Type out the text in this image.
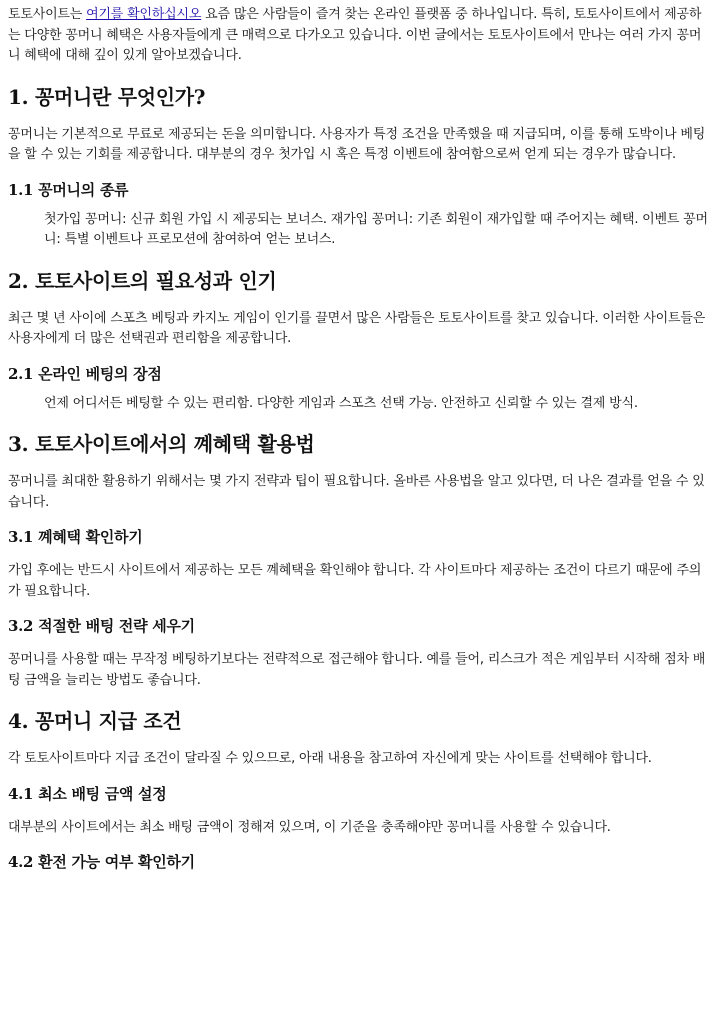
토토사이트는 여기를 확인하십시오 요즘 많은 사람들이 즐겨 찾는 온라인 플랫폼 중 하나입니다. 특히, 토토사이트에서 제공하는 다양한 꽁머니 혜택은 사용자들에게 큰 매력으로 다가오고 있습니다. 이번 글에서는 토토사이트에서 만나는 여러 가지 꽁머니 혜택에 대해 깊이 있게 알아보겠습니다.

1. 꽁머니란 무엇인가?

꽁머니는 기본적으로 무료로 제공되는 돈을 의미합니다. 사용자가 특정 조건을 만족했을 때 지급되며, 이를 통해 도박이나 베팅을 할 수 있는 기회를 제공합니다. 대부분의 경우 첫가입 시 혹은 특정 이벤트에 참여함으로써 얻게 되는 경우가 많습니다.

1.1 꽁머니의 종류

첫가입 꽁머니: 신규 회원 가입 시 제공되는 보너스. 재가입 꽁머니: 기존 회원이 재가입할 때 주어지는 혜택. 이벤트 꽁머니: 특별 이벤트나 프로모션에 참여하여 얻는 보너스.

2. 토토사이트의 필요성과 인기

최근 몇 년 사이에 스포츠 베팅과 카지노 게임이 인기를 끌면서 많은 사람들은 토토사이트를 찾고 있습니다. 이러한 사이트들은 사용자에게 더 많은 선택권과 편리함을 제공합니다.

2.1 온라인 베팅의 장점

언제 어디서든 베팅할 수 있는 편리함. 다양한 게임과 스포츠 선택 가능. 안전하고 신뢰할 수 있는 결제 방식.

3. 토토사이트에서의 꼐혜택 활용법

꽁머니를 최대한 활용하기 위해서는 몇 가지 전략과 팁이 필요합니다. 올바른 사용법을 알고 있다면, 더 나은 결과를 얻을 수 있습니다.

3.1 꼐혜택 확인하기

가입 후에는 반드시 사이트에서 제공하는 모든 꼐혜택을 확인해야 합니다. 각 사이트마다 제공하는 조건이 다르기 때문에 주의가 필요합니다.

3.2 적절한 배팅 전략 세우기

꽁머니를 사용할 때는 무작정 베팅하기보다는 전략적으로 접근해야 합니다. 예를 들어, 리스크가 적은 게임부터 시작해 점차 배팅 금액을 늘리는 방법도 좋습니다.

4. 꽁머니 지급 조건

각 토토사이트마다 지급 조건이 달라질 수 있으므로, 아래 내용을 참고하여 자신에게 맞는 사이트를 선택해야 합니다.

4.1 최소 배팅 금액 설정

대부분의 사이트에서는 최소 배팅 금액이 정해져 있으며, 이 기준을 충족해야만 꽁머니를 사용할 수 있습니다.

4.2 환전 가능 여부 확인하기
